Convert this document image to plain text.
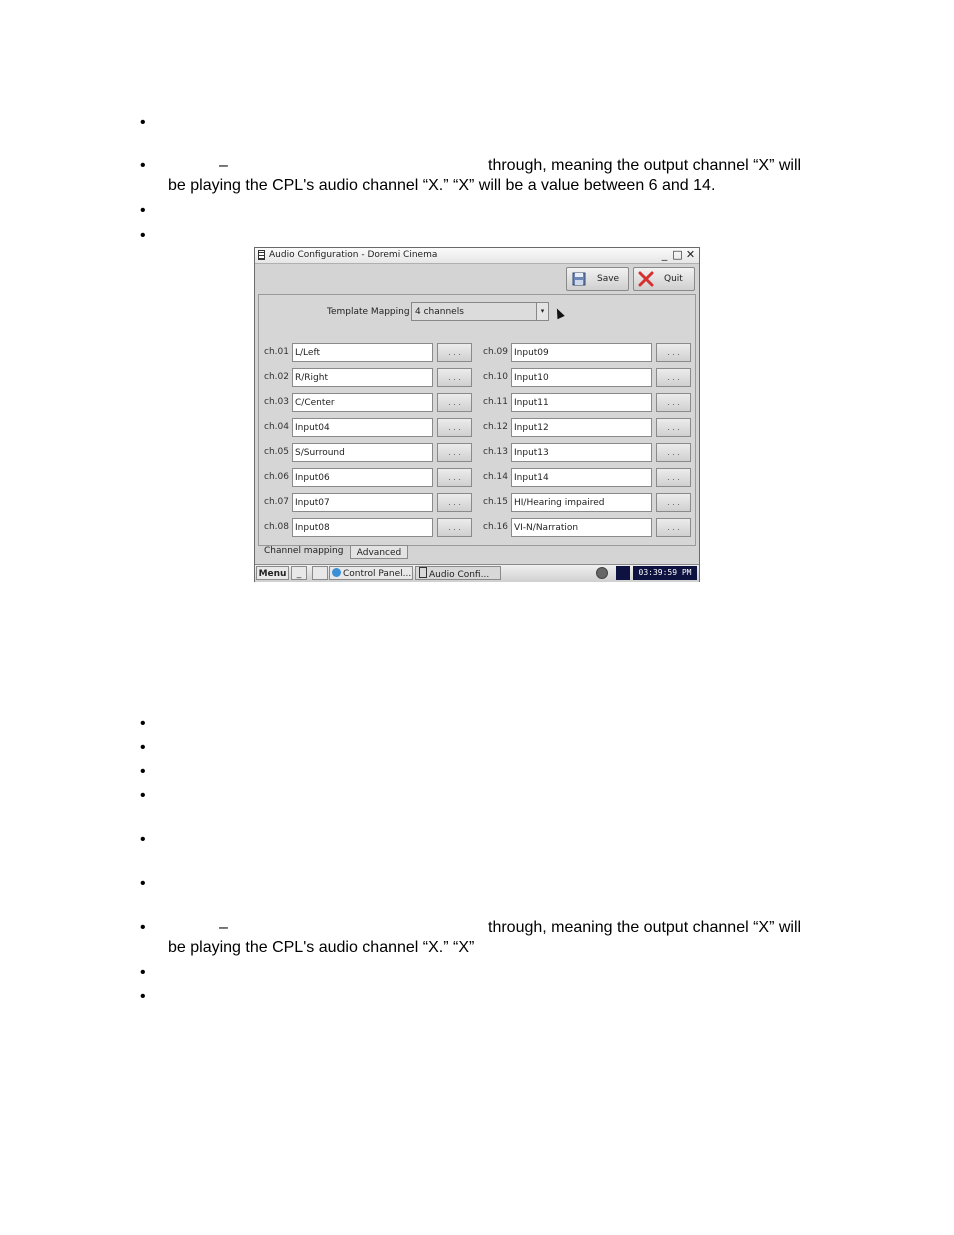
•
•
–	through, meaning the output channel “X” will
be playing the CPL's audio channel “X.” “X” will be a value between 6 and 14.
•
•
Audio Configuration - Doremi Cinema	_ □ ✕
Save	Quit
Template Mapping 4 channels	▾
ch.01 L/Left	. . .
ch.02 R/Right	. . .
ch.03 C/Center	. . .
ch.04 Input04	. . .
ch.05 S/Surround	. . .
ch.06 Input06	. . .
ch.07 Input07	. . .
ch.08 Input08	. . .
ch.09 Input09	. . .
ch.10 Input10	. . .
ch.11 Input11	. . .
ch.12 Input12	. . .
ch.13 Input13	. . .
ch.14 Input14	. . .
ch.15 HI/Hearing impaired	. . .
ch.16 VI-N/Narration	. . .
Channel mapping	Advanced
Menu	_	Control Panel...	Audio Confi...	03:39:59 PM
•
•
•
•
•
•
•
–	through, meaning the output channel “X” will
be playing the CPL's audio channel “X.” “X”
•
•
